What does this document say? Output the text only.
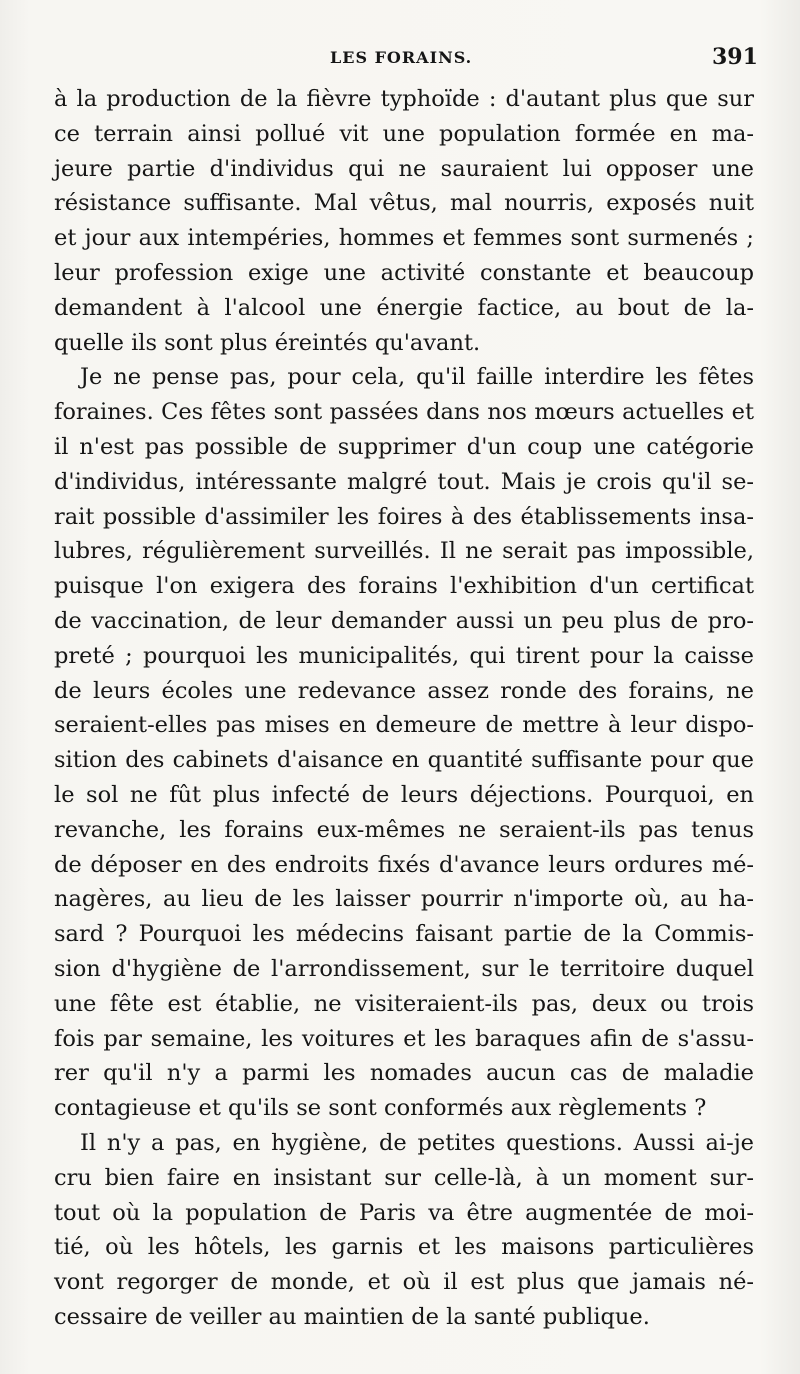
LES FORAINS.	391
à la production de la fièvre typhoïde : d'autant plus que sur
ce terrain ainsi pollué vit une population formée en ma-
jeure partie d'individus qui ne sauraient lui opposer une
résistance suffisante. Mal vêtus, mal nourris, exposés nuit
et jour aux intempéries, hommes et femmes sont surmenés ;
leur profession exige une activité constante et beaucoup
demandent à l'alcool une énergie factice, au bout de la-
quelle ils sont plus éreintés qu'avant.
Je ne pense pas, pour cela, qu'il faille interdire les fêtes
foraines. Ces fêtes sont passées dans nos mœurs actuelles et
il n'est pas possible de supprimer d'un coup une catégorie
d'individus, intéressante malgré tout. Mais je crois qu'il se-
rait possible d'assimiler les foires à des établissements insa-
lubres, régulièrement surveillés. Il ne serait pas impossible,
puisque l'on exigera des forains l'exhibition d'un certificat
de vaccination, de leur demander aussi un peu plus de pro-
preté ; pourquoi les municipalités, qui tirent pour la caisse
de leurs écoles une redevance assez ronde des forains, ne
seraient-elles pas mises en demeure de mettre à leur dispo-
sition des cabinets d'aisance en quantité suffisante pour que
le sol ne fût plus infecté de leurs déjections. Pourquoi, en
revanche, les forains eux-mêmes ne seraient-ils pas tenus
de déposer en des endroits fixés d'avance leurs ordures mé-
nagères, au lieu de les laisser pourrir n'importe où, au ha-
sard ? Pourquoi les médecins faisant partie de la Commis-
sion d'hygiène de l'arrondissement, sur le territoire duquel
une fête est établie, ne visiteraient-ils pas, deux ou trois
fois par semaine, les voitures et les baraques afin de s'assu-
rer qu'il n'y a parmi les nomades aucun cas de maladie
contagieuse et qu'ils se sont conformés aux règlements ?
Il n'y a pas, en hygiène, de petites questions. Aussi ai-je
cru bien faire en insistant sur celle-là, à un moment sur-
tout où la population de Paris va être augmentée de moi-
tié, où les hôtels, les garnis et les maisons particulières
vont regorger de monde, et où il est plus que jamais né-
cessaire de veiller au maintien de la santé publique.
